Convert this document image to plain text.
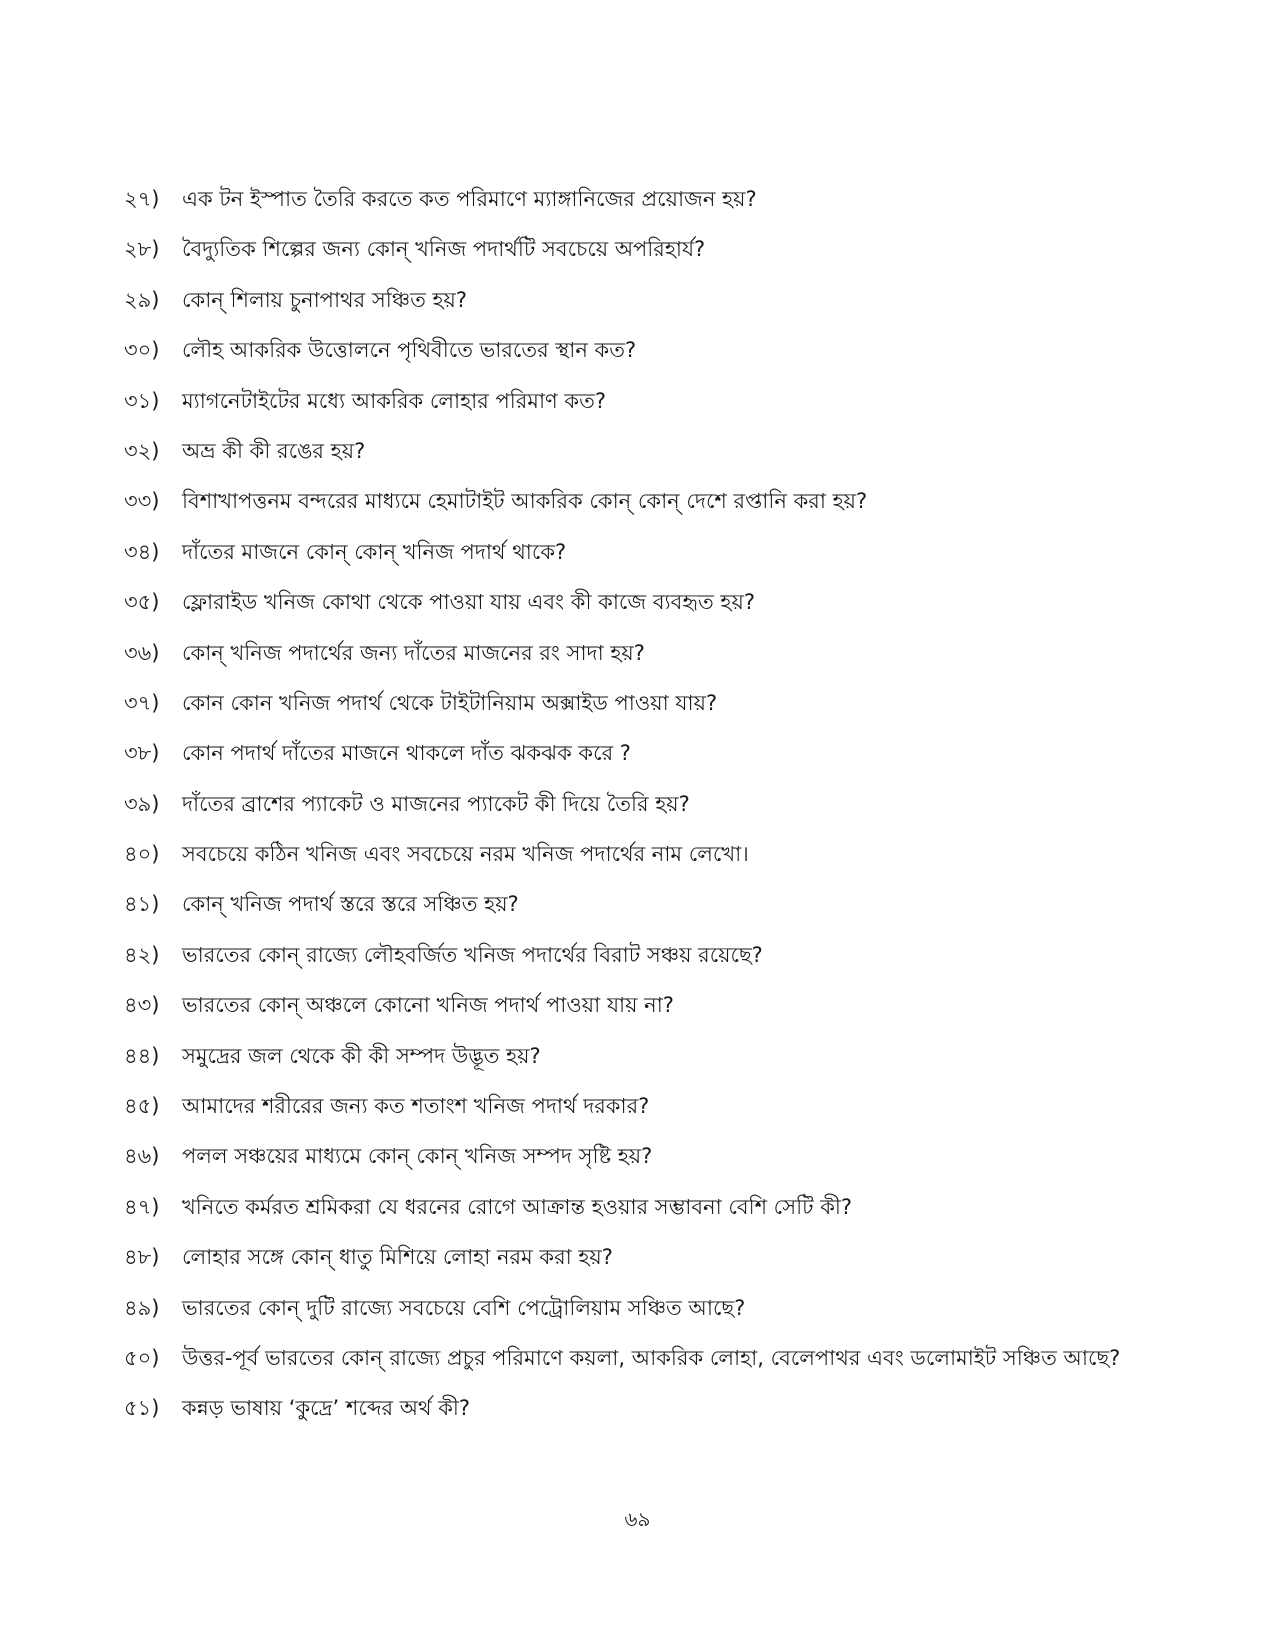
২৭)	এক টন ইস্পাত তৈরি করতে কত পরিমাণে ম্যাঙ্গানিজের প্রয়োজন হয়?
২৮)	বৈদ্যুতিক শিল্পের জন্য কোন্ খনিজ পদার্থটি সবচেয়ে অপরিহার্য?
২৯)	কোন্ শিলায় চুনাপাথর সঞ্চিত হয়?
৩০)	লৌহ আকরিক উত্তোলনে পৃথিবীতে ভারতের স্থান কত?
৩১)	ম্যাগনেটাইটের মধ্যে আকরিক লোহার পরিমাণ কত?
৩২)	অভ্র কী কী রঙের হয়?
৩৩)	বিশাখাপত্তনম বন্দরের মাধ্যমে হেমাটাইট আকরিক কোন্ কোন্ দেশে রপ্তানি করা হয়?
৩৪)	দাঁতের মাজনে কোন্ কোন্ খনিজ পদার্থ থাকে?
৩৫)	ফ্লোরাইড খনিজ কোথা থেকে পাওয়া যায় এবং কী কাজে ব্যবহৃত হয়?
৩৬)	কোন্ খনিজ পদার্থের জন্য দাঁতের মাজনের রং সাদা হয়?
৩৭)	কোন কোন খনিজ পদার্থ থেকে টাইটানিয়াম অক্সাইড পাওয়া যায়?
৩৮)	কোন পদার্থ দাঁতের মাজনে থাকলে দাঁত ঝকঝক করে ?
৩৯)	দাঁতের ব্রাশের প্যাকেট ও মাজনের প্যাকেট কী দিয়ে তৈরি হয়?
৪০)	সবচেয়ে কঠিন খনিজ এবং সবচেয়ে নরম খনিজ পদার্থের নাম লেখো।
৪১)	কোন্ খনিজ পদার্থ স্তরে স্তরে সঞ্চিত হয়?
৪২)	ভারতের কোন্ রাজ্যে লৌহবর্জিত খনিজ পদার্থের বিরাট সঞ্চয় রয়েছে?
৪৩)	ভারতের কোন্ অঞ্চলে কোনো খনিজ পদার্থ পাওয়া যায় না?
৪৪)	সমুদ্রের জল থেকে কী কী সম্পদ উদ্ভূত হয়?
৪৫)	আমাদের শরীরের জন্য কত শতাংশ খনিজ পদার্থ দরকার?
৪৬)	পলল সঞ্চয়ের মাধ্যমে কোন্ কোন্ খনিজ সম্পদ সৃষ্টি হয়?
৪৭)	খনিতে কর্মরত শ্রমিকরা যে ধরনের রোগে আক্রান্ত হওয়ার সম্ভাবনা বেশি সেটি কী?
৪৮)	লোহার সঙ্গে কোন্ ধাতু মিশিয়ে লোহা নরম করা হয়?
৪৯)	ভারতের কোন্ দুটি রাজ্যে সবচেয়ে বেশি পেট্রোলিয়াম সঞ্চিত আছে?
৫০)	উত্তর-পূর্ব ভারতের কোন্ রাজ্যে প্রচুর পরিমাণে কয়লা, আকরিক লোহা, বেলেপাথর এবং ডলোমাইট সঞ্চিত আছে?
৫১)	কন্নড় ভাষায় ‘কুদ্রে’ শব্দের অর্থ কী?
৬৯
